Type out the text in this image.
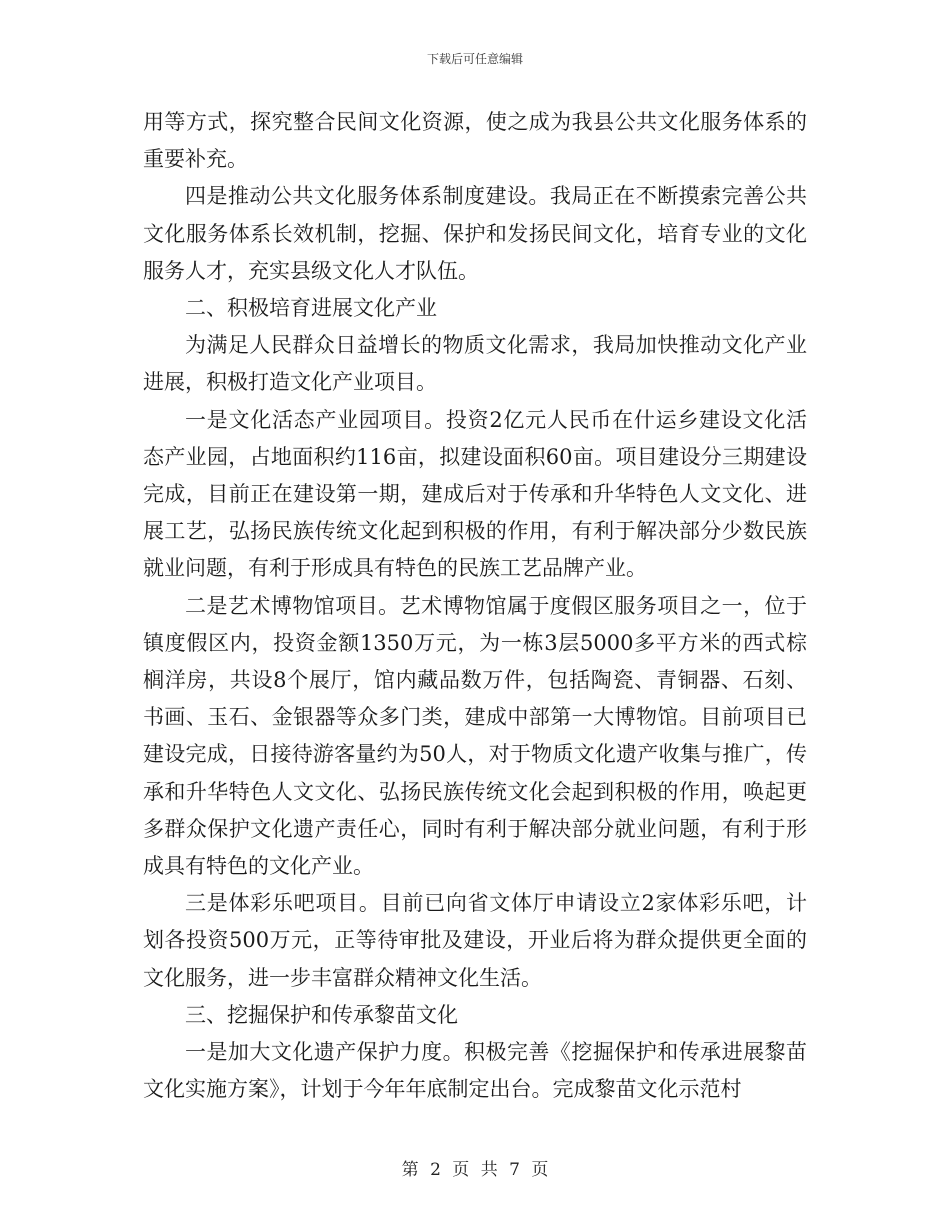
下载后可任意编辑

用等方式，探究整合民间文化资源，使之成为我县公共文化服务体系的重要补充。

四是推动公共文化服务体系制度建设。我局正在不断摸索完善公共文化服务体系长效机制，挖掘、保护和发扬民间文化，培育专业的文化服务人才，充实县级文化人才队伍。

二、积极培育进展文化产业

为满足人民群众日益增长的物质文化需求，我局加快推动文化产业进展，积极打造文化产业项目。

一是文化活态产业园项目。投资2亿元人民币在什运乡建设文化活态产业园，占地面积约116亩，拟建设面积60亩。项目建设分三期建设完成，目前正在建设第一期，建成后对于传承和升华特色人文文化、进展工艺，弘扬民族传统文化起到积极的作用，有利于解决部分少数民族就业问题，有利于形成具有特色的民族工艺品牌产业。

二是艺术博物馆项目。艺术博物馆属于度假区服务项目之一，位于镇度假区内，投资金额1350万元，为一栋3层5000多平方米的西式棕榈洋房，共设8个展厅，馆内藏品数万件，包括陶瓷、青铜器、石刻、书画、玉石、金银器等众多门类，建成中部第一大博物馆。目前项目已建设完成，日接待游客量约为50人，对于物质文化遗产收集与推广，传承和升华特色人文文化、弘扬民族传统文化会起到积极的作用，唤起更多群众保护文化遗产责任心，同时有利于解决部分就业问题，有利于形成具有特色的文化产业。

三是体彩乐吧项目。目前已向省文体厅申请设立2家体彩乐吧，计划各投资500万元，正等待审批及建设，开业后将为群众提供更全面的文化服务，进一步丰富群众精神文化生活。

三、挖掘保护和传承黎苗文化

一是加大文化遗产保护力度。积极完善《挖掘保护和传承进展黎苗文化实施方案》，计划于今年年底制定出台。完成黎苗文化示范村

第 2 页 共 7 页
